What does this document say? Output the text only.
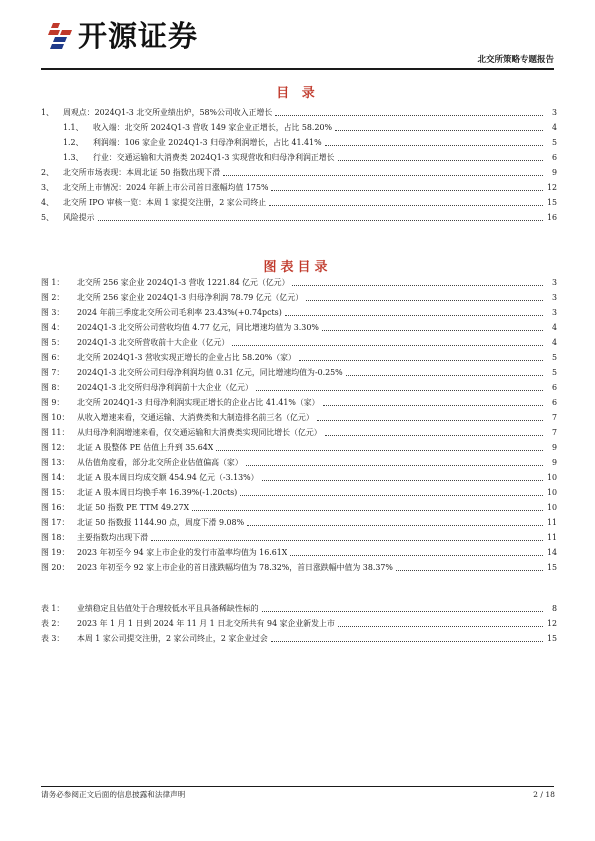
开源证券
北交所策略专题报告
目 录
1、	周观点：2024Q1-3 北交所业绩出炉，58%公司收入正增长	3
1.1、	收入端：北交所 2024Q1-3 营收 149 家企业正增长，占比 58.20%	4
1.2、	利润端：106 家企业 2024Q1-3 归母净利润增长，占比 41.41%	5
1.3、	行业：交通运输和大消费类 2024Q1-3 实现营收和归母净利润正增长	6
2、	北交所市场表现：本周北证 50 指数出现下滑	9
3、	北交所上市情况：2024 年新上市公司首日涨幅均值 175%	12
4、	北交所 IPO 审核一览：本周 1 家提交注册，2 家公司终止	15
5、	风险提示	16
图表目录
图 1：	北交所 256 家企业 2024Q1-3 营收 1221.84 亿元（亿元）	3
图 2：	北交所 256 家企业 2024Q1-3 归母净利润 78.79 亿元（亿元）	3
图 3：	2024 年前三季度北交所公司毛利率 23.43%(+0.74pcts)	3
图 4：	2024Q1-3 北交所公司营收均值 4.77 亿元，同比增速均值为 3.30%	4
图 5：	2024Q1-3 北交所营收前十大企业（亿元）	4
图 6：	北交所 2024Q1-3 营收实现正增长的企业占比 58.20%（家）	5
图 7：	2024Q1-3 北交所公司归母净利润均值 0.31 亿元，同比增速均值为-0.25%	5
图 8：	2024Q1-3 北交所归母净利润前十大企业（亿元）	6
图 9：	北交所 2024Q1-3 归母净利润实现正增长的企业占比 41.41%（家）	6
图 10： 从收入增速来看，交通运输、大消费类和大制造排名前三名（亿元）	7
图 11： 从归母净利润增速来看，仅交通运输和大消费类实现同比增长（亿元）	7
图 12： 北证 A 股整体 PE 估值上升到 35.64X	9
图 13： 从估值角度看，部分北交所企业估值偏高（家）	9
图 14： 北证 A 股本周日均成交额 454.94 亿元（-3.13%）	10
图 15： 北证 A 股本周日均换手率 16.39%(-1.20cts)	10
图 16： 北证 50 指数 PE TTM 49.27X	10
图 17： 北证 50 指数报 1144.90 点，周度下滑 9.08%	11
图 18： 主要指数均出现下滑	11
图 19： 2023 年初至今 94 家上市企业的发行市盈率均值为 16.61X	14
图 20： 2023 年初至今 92 家上市企业的首日涨跌幅均值为 78.32%，首日涨跌幅中值为 38.37%	15
表 1：	业绩稳定且估值处于合理较低水平且具备稀缺性标的	8
表 2：	2023 年 1 月 1 日到 2024 年 11 月 1 日北交所共有 94 家企业新发上市	12
表 3：	本周 1 家公司提交注册，2 家公司终止，2 家企业过会	15
请务必参阅正文后面的信息披露和法律声明	2 / 18
